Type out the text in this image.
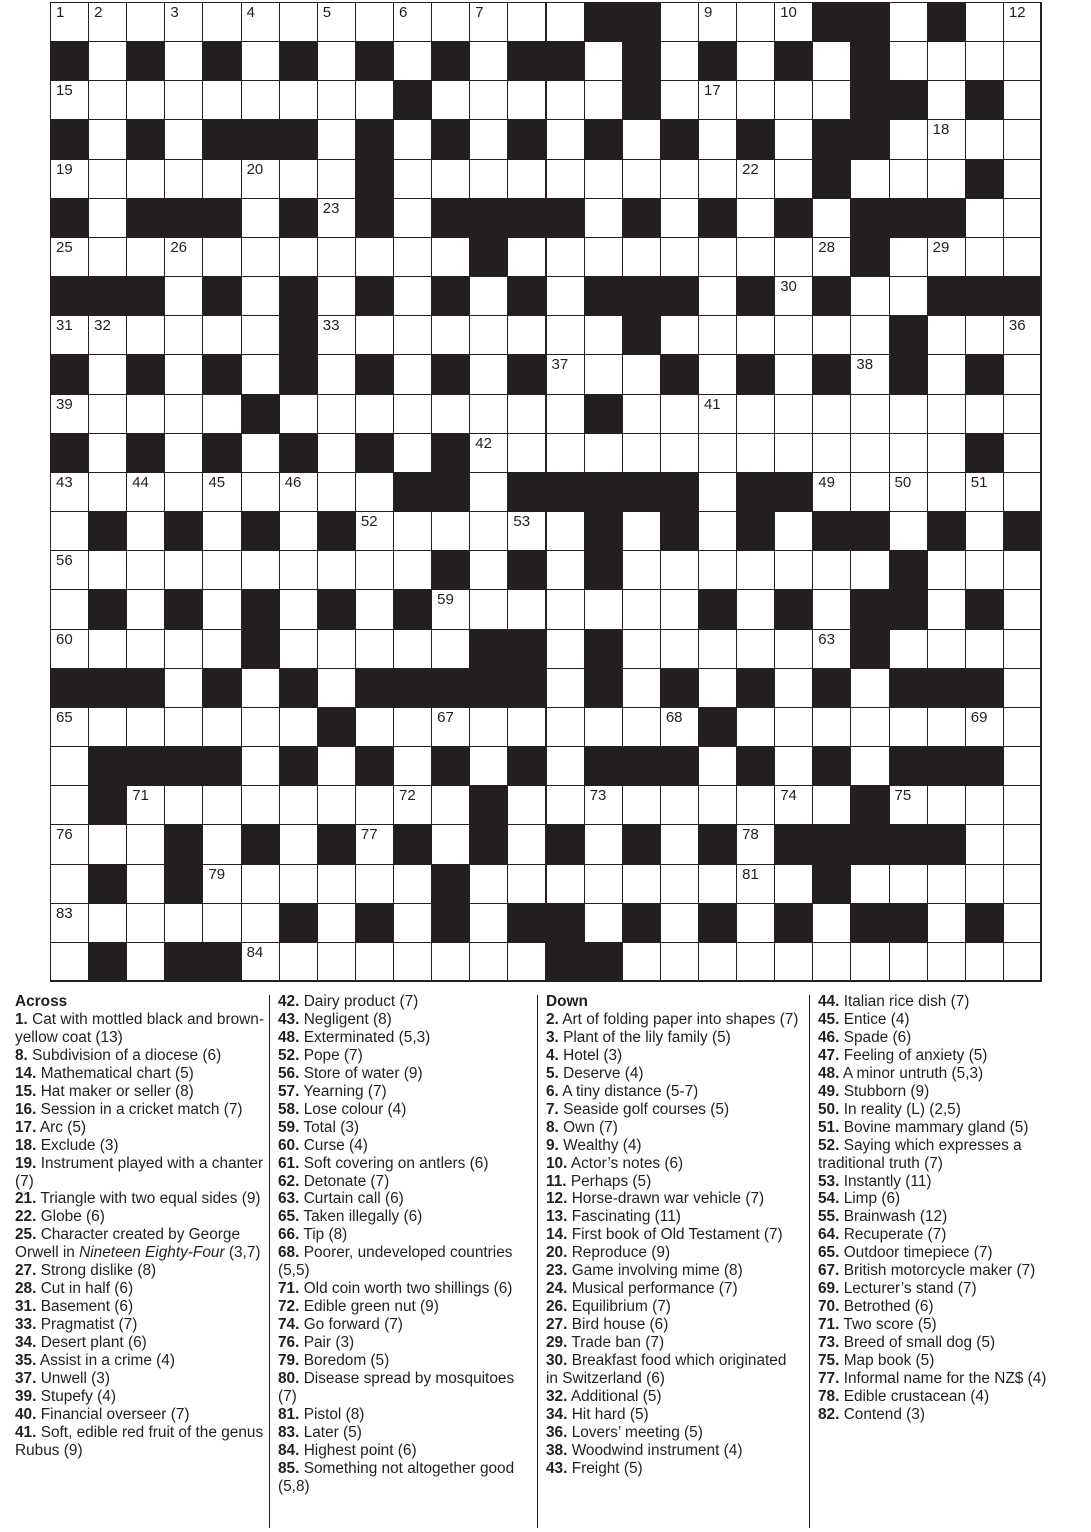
1 2	3	4	5	6	7	9	10	12
15	17
18
19	20	22
23
25	26	28	29
30
31 32	33	36
37	38
39	41
42
43	44	45	46	49	50	51
52	53
56
59
60	63
65	67	68	69
71	72	73	74	75
76	77	78
79	81
83
84

Across

1. Cat with mottled black and brown-yellow coat (13)

8. Subdivision of a diocese (6)

14. Mathematical chart (5)

15. Hat maker or seller (8)

16. Session in a cricket match (7)

17. Arc (5)

18. Exclude (3)

19. Instrument played with a chanter (7)

21. Triangle with two equal sides (9)

22. Globe (6)

25. Character created by George Orwell in Nineteen Eighty-Four (3,7)

27. Strong dislike (8)

28. Cut in half (6)

31. Basement (6)

33. Pragmatist (7)

34. Desert plant (6)

35. Assist in a crime (4)

37. Unwell (3)

39. Stupefy (4)

40. Financial overseer (7)

41. Soft, edible red fruit of the genus Rubus (9)

42. Dairy product (7)

43. Negligent (8)

48. Exterminated (5,3)

52. Pope (7)

56. Store of water (9)

57. Yearning (7)

58. Lose colour (4)

59. Total (3)

60. Curse (4)

61. Soft covering on antlers (6)

62. Detonate (7)

63. Curtain call (6)

65. Taken illegally (6)

66. Tip (8)

68. Poorer, undeveloped countries (5,5)

71. Old coin worth two shillings (6)

72. Edible green nut (9)

74. Go forward (7)

76. Pair (3)

79. Boredom (5)

80. Disease spread by mosquitoes (7)

81. Pistol (8)

83. Later (5)

84. Highest point (6)

85. Something not altogether good (5,8)

Down

2. Art of folding paper into shapes (7)

3. Plant of the lily family (5)

4. Hotel (3)

5. Deserve (4)

6. A tiny distance (5-7)

7. Seaside golf courses (5)

8. Own (7)

9. Wealthy (4)

10. Actor’s notes (6)

11. Perhaps (5)

12. Horse-drawn war vehicle (7)

13. Fascinating (11)

14. First book of Old Testament (7)

20. Reproduce (9)

23. Game involving mime (8)

24. Musical performance (7)

26. Equilibrium (7)

27. Bird house (6)

29. Trade ban (7)

30. Breakfast food which originated in Switzerland (6)

32. Additional (5)

34. Hit hard (5)

36. Lovers’ meeting (5)

38. Woodwind instrument (4)

43. Freight (5)

44. Italian rice dish (7)

45. Entice (4)

46. Spade (6)

47. Feeling of anxiety (5)

48. A minor untruth (5,3)

49. Stubborn (9)

50. In reality (L) (2,5)

51. Bovine mammary gland (5)

52. Saying which expresses a traditional truth (7)

53. Instantly (11)

54. Limp (6)

55. Brainwash (12)

64. Recuperate (7)

65. Outdoor timepiece (7)

67. British motorcycle maker (7)

69. Lecturer’s stand (7)

70. Betrothed (6)

71. Two score (5)

73. Breed of small dog (5)

75. Map book (5)

77. Informal name for the NZ$ (4)

78. Edible crustacean (4)

82. Contend (3)
